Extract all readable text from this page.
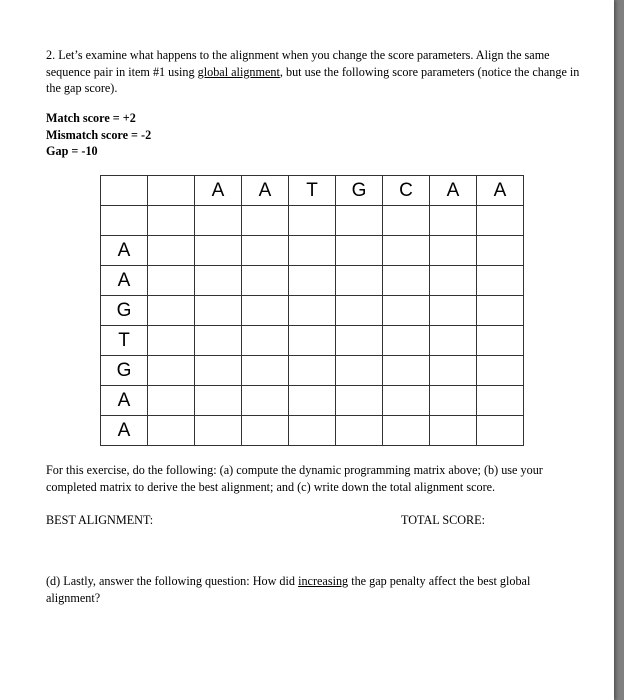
2. Let’s examine what happens to the alignment when you change the score parameters. Align the same sequence pair in item #1 using global alignment, but use the following score parameters (notice the change in the gap score).
Match score = +2
Mismatch score = -2
Gap = -10
		A	A	T	G	C	A	A

A								
A								
G								
T								
G								
A								
A								
For this exercise, do the following: (a) compute the dynamic programming matrix above; (b) use your completed matrix to derive the best alignment; and (c) write down the total alignment score.
BEST ALIGNMENT:	TOTAL SCORE:
(d) Lastly, answer the following question: How did increasing the gap penalty affect the best global alignment?
